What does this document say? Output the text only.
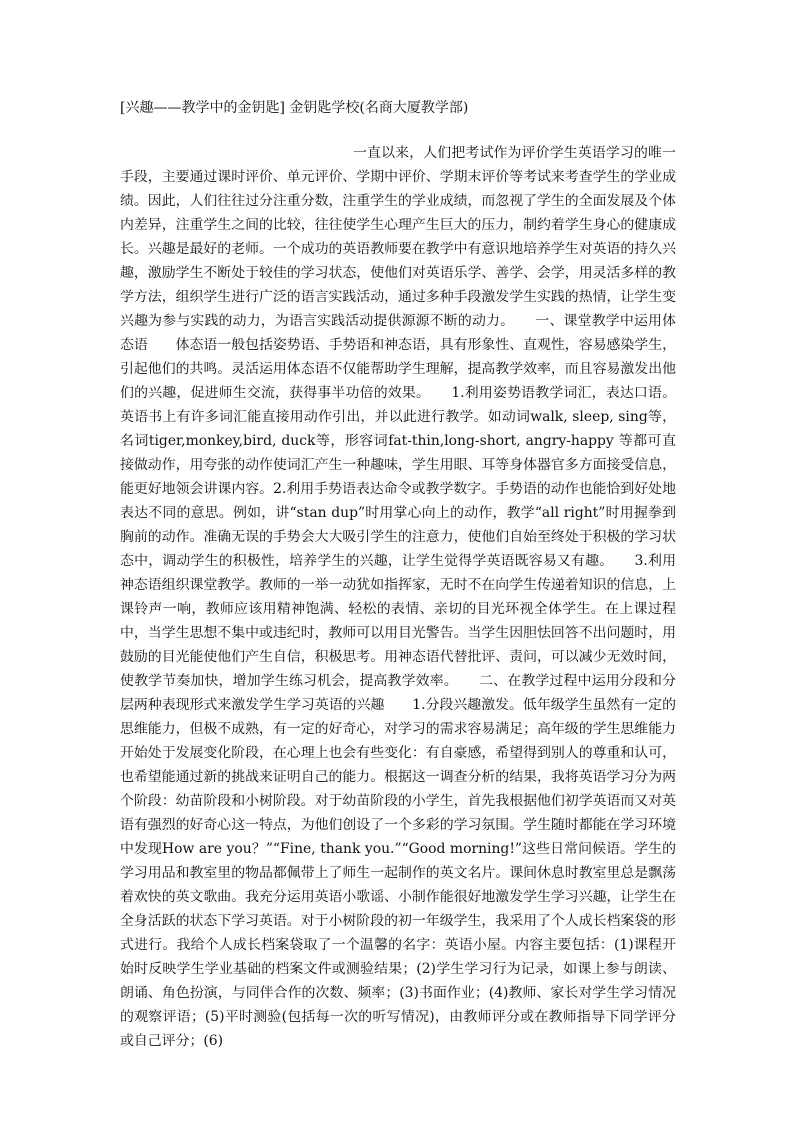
[兴趣——教学中的金钥匙] 金钥匙学校(名商大厦教学部)
一直以来，人们把考试作为评价学生英语学习的唯一手段，主要通过课时评价、单元评价、学期中评价、学期末评价等考试来考查学生的学业成绩。因此，人们往往过分注重分数，注重学生的学业成绩，而忽视了学生的全面发展及个体内差异，注重学生之间的比较，往往使学生心理产生巨大的压力，制约着学生身心的健康成长。兴趣是最好的老师。一个成功的英语教师要在教学中有意识地培养学生对英语的持久兴趣，激励学生不断处于较佳的学习状态，使他们对英语乐学、善学、会学，用灵活多样的教学方法，组织学生进行广泛的语言实践活动，通过多种手段激发学生实践的热情，让学生变兴趣为参与实践的动力，为语言实践活动提供源源不断的动力。　　一、课堂教学中运用体态语　　体态语一般包括姿势语、手势语和神态语，具有形象性、直观性，容易感染学生，引起他们的共鸣。灵活运用体态语不仅能帮助学生理解，提高教学效率，而且容易激发出他们的兴趣，促进师生交流，获得事半功倍的效果。　　1.利用姿势语教学词汇，表达口语。英语书上有许多词汇能直接用动作引出，并以此进行教学。如动词walk, sleep, sing等，名词tiger,monkey,bird, duck等，形容词fat-thin,long-short, angry-happy 等都可直接做动作，用夸张的动作使词汇产生一种趣味，学生用眼、耳等身体器官多方面接受信息，能更好地领会讲课内容。2.利用手势语表达命令或教学数字。手势语的动作也能恰到好处地表达不同的意思。例如，讲“stan dup”时用掌心向上的动作，教学“all right”时用握拳到胸前的动作。准确无误的手势会大大吸引学生的注意力，使他们自始至终处于积极的学习状态中，调动学生的积极性，培养学生的兴趣，让学生觉得学英语既容易又有趣。　　3.利用神态语组织课堂教学。教师的一举一动犹如指挥家，无时不在向学生传递着知识的信息，上课铃声一响，教师应该用精神饱满、轻松的表情、亲切的目光环视全体学生。在上课过程中，当学生思想不集中或违纪时，教师可以用目光警告。当学生因胆怯回答不出问题时，用鼓励的目光能使他们产生自信，积极思考。用神态语代替批评、责问，可以减少无效时间，使教学节奏加快，增加学生练习机会，提高教学效率。　　二、在教学过程中运用分段和分层两种表现形式来激发学生学习英语的兴趣　　1.分段兴趣激发。低年级学生虽然有一定的思维能力，但极不成熟，有一定的好奇心，对学习的需求容易满足；高年级的学生思维能力开始处于发展变化阶段，在心理上也会有些变化：有自豪感，希望得到别人的尊重和认可，也希望能通过新的挑战来证明自己的能力。根据这一调查分析的结果，我将英语学习分为两个阶段：幼苗阶段和小树阶段。对于幼苗阶段的小学生，首先我根据他们初学英语而又对英语有强烈的好奇心这一特点，为他们创设了一个多彩的学习氛围。学生随时都能在学习环境中发现How are you？”“Fine, thank you.”“Good morning!”这些日常问候语。学生的学习用品和教室里的物品都佩带上了师生一起制作的英文名片。课间休息时教室里总是飘荡着欢快的英文歌曲。我充分运用英语小歌谣、小制作能很好地激发学生学习兴趣，让学生在全身活跃的状态下学习英语。对于小树阶段的初一年级学生，我采用了个人成长档案袋的形式进行。我给个人成长档案袋取了一个温馨的名字：英语小屋。内容主要包括：(1)课程开始时反映学生学业基础的档案文件或测验结果；(2)学生学习行为记录，如课上参与朗读、朗诵、角色扮演，与同伴合作的次数、频率；(3)书面作业；(4)教师、家长对学生学习情况的观察评语；(5)平时测验(包括每一次的听写情况)，由教师评分或在教师指导下同学评分或自己评分；(6)
